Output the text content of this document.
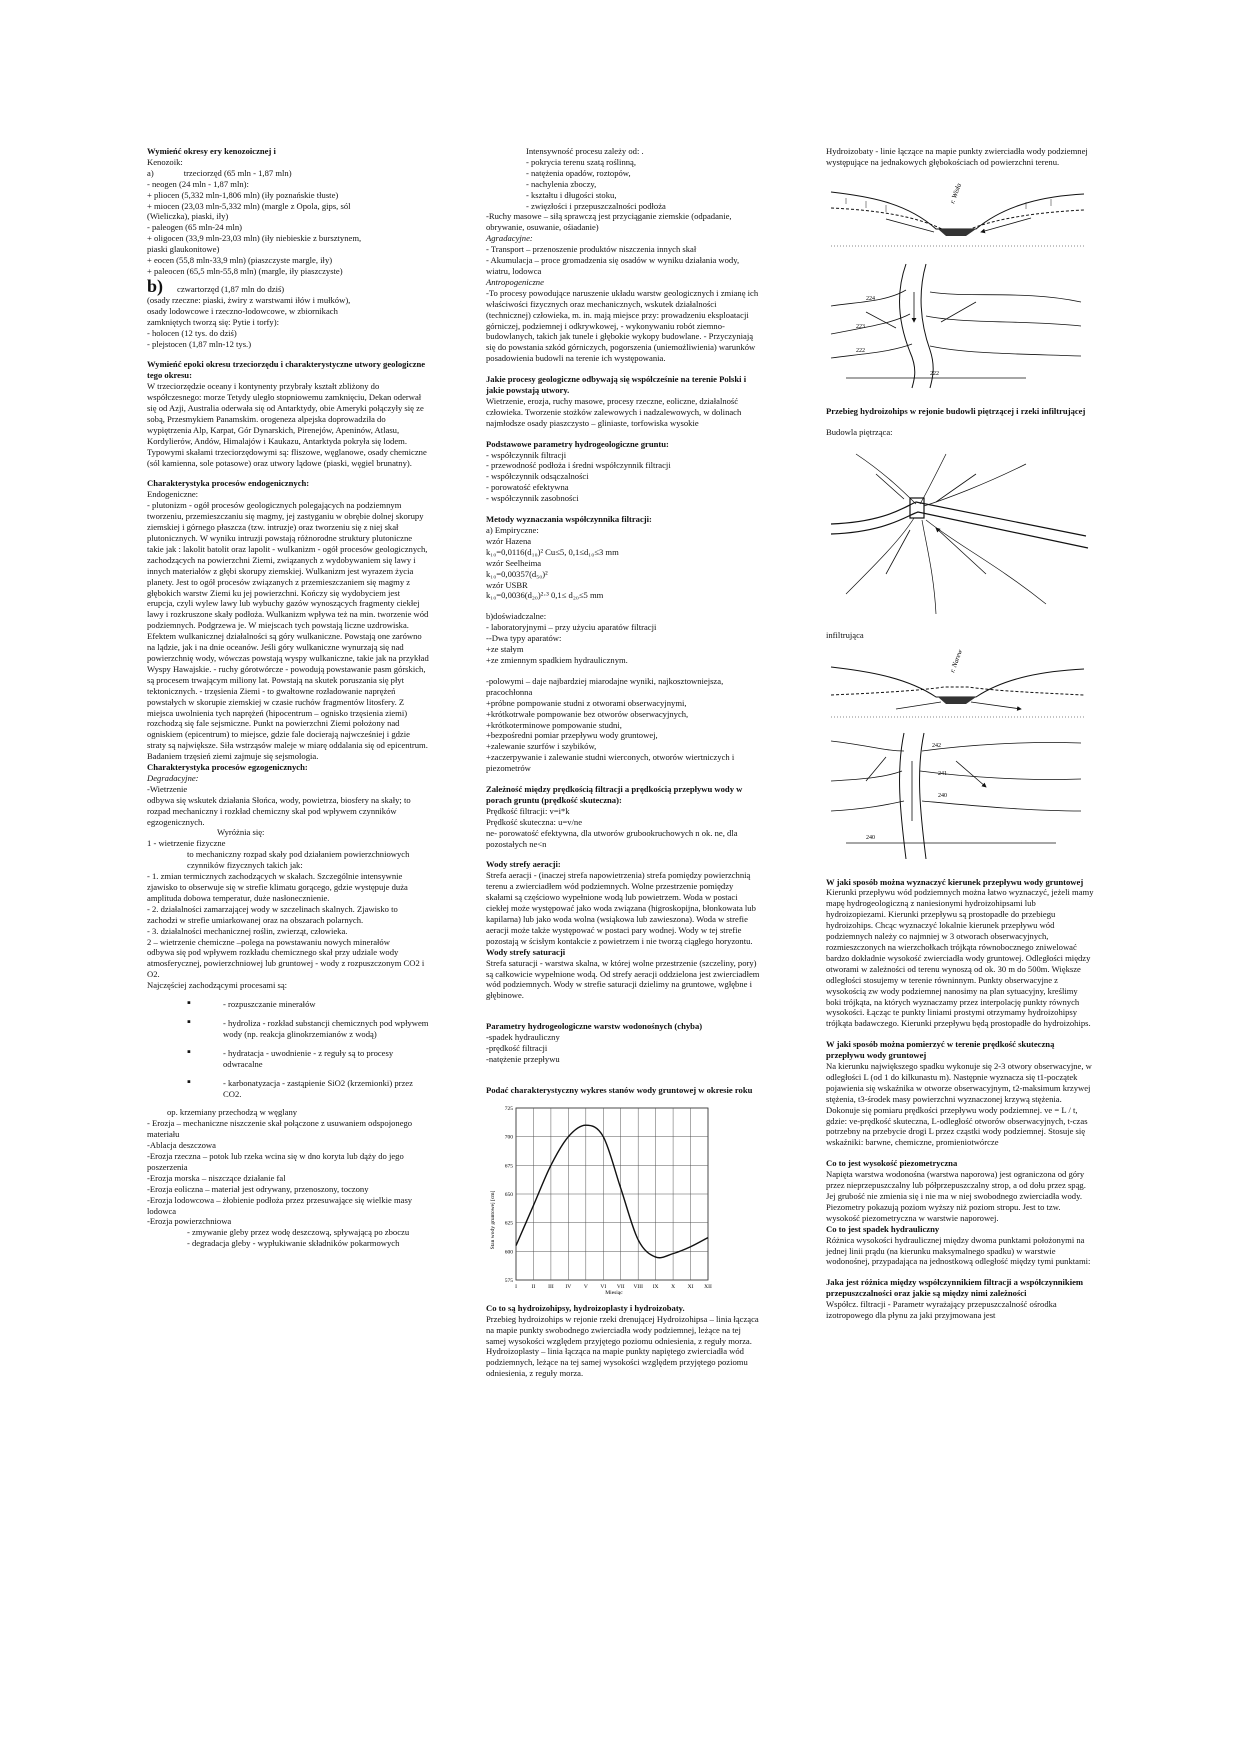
Wymieńć okresy ery kenozoicznej i

Kenozoik:

a)	trzeciorzęd (65 mln - 1,87 mln)

- neogen (24 mln - 1,87 mln):

+ pliocen (5,332 mln-1,806 mln) (iły poznańskie tłuste)

+ miocen (23,03 mln-5,332 mln) (margle z Opola, gips, sól

(Wieliczka), piaski, iły)

- paleogen (65 mln-24 mln)

+ oligocen (33,9 mln-23,03 mln) (iły niebieskie z bursztynem,

piaski glaukonitowe)

+ eocen (55,8 mln-33,9 mln) (piaszczyste margle, iły)

+ paleocen (65,5 mln-55,8 mln) (margle, iły piaszczyste)

b) czwartorzęd (1,87 mln do dziś)

(osady rzeczne: piaski, żwiry z warstwami iłów i mułków),

osady lodowcowe i rzeczno-lodowcowe, w zbiornikach

zamkniętych tworzą się: Pytie i torfy):

- holocen (12 tys. do dziś)

- plejstocen (1,87 mln-12 tys.)

Wymieńć epoki okresu trzeciorzędu i charakterystyczne utwory geologiczne tego okresu:

W trzeciorzędzie oceany i kontynenty przybrały kształt zbliżony do współczesnego: morze Tetydy uległo stopniowemu zamknięciu, Dekan oderwał się od Azji, Australia oderwała się od Antarktydy, obie Ameryki połączyły się ze sobą, Przesmykiem Panamskim. orogeneza alpejska doprowadziła do wypiętrzenia Alp, Karpat, Gór Dynarskich, Pirenejów, Apeninów, Atlasu, Kordylierów, Andów, Himalajów i Kaukazu, Antarktyda pokryła się lodem. Typowymi skałami trzeciorzędowymi są: fliszowe, węglanowe, osady chemiczne (sól kamienna, sole potasowe) oraz utwory lądowe (piaski, węgiel brunatny).

Charakterystyka procesów endogenicznych:

Endogeniczne:

- plutonizm - ogół procesów geologicznych polegających na podziemnym tworzeniu, przemieszczaniu się magmy, jej zastyganiu w obrębie dolnej skorupy ziemskiej i górnego płaszcza (tzw. intruzje) oraz tworzeniu się z niej skał plutonicznych. W wyniku intruzji powstają różnorodne struktury plutoniczne takie jak : lakolit batolit oraz lapolit - wulkanizm - ogół procesów geologicznych, zachodzących na powierzchni Ziemi, związanych z wydobywaniem się lawy i innych materiałów z głębi skorupy ziemskiej. Wulkanizm jest wyrazem życia planety. Jest to ogół procesów związanych z przemieszczaniem się magmy z głębokich warstw Ziemi ku jej powierzchni. Kończy się wydobyciem jest erupcja, czyli wylew lawy lub wybuchy gazów wynoszących fragmenty ciekłej lawy i rozkruszone skały podłoża. Wulkanizm wpływa też na min. tworzenie wód podziemnych. Podgrzewa je. W miejscach tych powstają liczne uzdrowiska. Efektem wulkanicznej działalności są góry wulkaniczne. Powstają one zarówno na lądzie, jak i na dnie oceanów. Jeśli góry wulkaniczne wynurzają się nad powierzchnię wody, wówczas powstają wyspy wulkaniczne, takie jak na przykład Wyspy Hawajskie. - ruchy górotwórcze - powodują powstawanie pasm górskich, są procesem trwającym miliony lat. Powstają na skutek poruszania się płyt tektonicznych. - trzęsienia Ziemi - to gwałtowne rozładowanie naprężeń powstałych w skorupie ziemskiej w czasie ruchów fragmentów litosfery. Z miejsca uwolnienia tych naprężeń (hipocentrum – ognisko trzęsienia ziemi) rozchodzą się fale sejsmiczne. Punkt na powierzchni Ziemi położony nad ogniskiem (epicentrum) to miejsce, gdzie fale docierają najwcześniej i gdzie straty są największe. Siła wstrząsów maleje w miarę oddalania się od epicentrum. Badaniem trzęsień ziemi zajmuje się sejsmologia.

Charakterystyka procesów egzogenicznych:

Degradacyjne:

-Wietrzenie

odbywa się wskutek działania Słońca, wody, powietrza, biosfery na skały; to rozpad mechaniczny i rozkład chemiczny skał pod wpływem czynników egzogenicznych.

Wyróżnia się:

1 - wietrzenie fizyczne

to mechaniczny rozpad skały pod działaniem powierzchniowych czynników fizycznych takich jak:

- 1. zmian termicznych zachodzących w skałach. Szczególnie intensywnie zjawisko to obserwuje się w strefie klimatu gorącego, gdzie występuje duża amplituda dobowa temperatur, duże nasłonecznienie.

- 2. działalności zamarzającej wody w szczelinach skalnych. Zjawisko to zachodzi w strefie umiarkowanej oraz na obszarach polarnych.

- 3. działalności mechanicznej roślin, zwierząt, człowieka.

2 – wietrzenie chemiczne –polega na powstawaniu nowych minerałów

odbywa się pod wpływem rozkładu chemicznego skał przy udziale wody atmosferycznej, powierzchniowej lub gruntowej - wody z rozpuszczonym CO2 i O2.

Najczęściej zachodzącymi procesami są:

▪ - rozpuszczanie minerałów

▪ - hydroliza - rozkład substancji chemicznych pod wpływem wody (np. reakcja glinokrzemianów z wodą)

▪ - hydratacja - uwodnienie - z reguły są to procesy odwracalne

▪ - karbonatyzacja - zastąpienie SiO2 (krzemionki) przez CO2.

op. krzemiany przechodzą w węglany

- Erozja – mechaniczne niszczenie skał połączone z usuwaniem odspojonego materiału

-Ablacja deszczowa

-Erozja rzeczna – potok lub rzeka wcina się w dno koryta lub dąży do jego poszerzenia

-Erozja morska – niszczące działanie fal

-Erozja eoliczna – materiał jest odrywany, przenoszony, toczony

-Erozja lodowcowa – żłobienie podłoża przez przesuwające się wielkie masy lodowca

-Erozja powierzchniowa

- zmywanie gleby przez wodę deszczową, spływającą po zboczu

- degradacja gleby - wypłukiwanie składników pokarmowych

Intensywność procesu zależy od: .

- pokrycia terenu szatą roślinną,

- natężenia opadów, roztopów,

- nachylenia zboczy,

- kształtu i długości stoku,

- zwięzłości i przepuszczalności podłoża

-Ruchy masowe – siłą sprawczą jest przyciąganie ziemskie (odpadanie, obrywanie, osuwanie, ośiadanie)

Agradacyjne:

- Transport – przenoszenie produktów niszczenia innych skał

- Akumulacja – proce gromadzenia się osadów w wyniku działania wody, wiatru, lodowca

Antropogeniczne

-To procesy powodujące naruszenie układu warstw geologicznych i zmianę ich właściwości fizycznych oraz mechanicznych, wskutek działalności (technicznej) człowieka, m. in. mają miejsce przy: prowadzeniu eksploatacji górniczej, podziemnej i odkrywkowej, - wykonywaniu robót ziemno-budowlanych, takich jak tunele i głębokie wykopy budowlane. - Przyczyniają się do powstania szkód górniczych, pogorszenia (uniemożliwienia) warunków posadowienia budowli na terenie ich występowania.

Jakie procesy geologiczne odbywają się współcześnie na terenie Polski i jakie powstają utwory.

Wietrzenie, erozja, ruchy masowe, procesy rzeczne, eoliczne, działalność człowieka. Tworzenie stożków zalewowych i nadzalewowych, w dolinach najmłodsze osady piaszczysto – gliniaste, torfowiska wysokie

Podstawowe parametry hydrogeologiczne gruntu:

- współczynnik filtracji

- przewodność podłoża i średni współczynnik filtracji

- współczynnik odsączalności

- porowatość efektywna

- współczynnik zasobności

Metody wyznaczania współczynnika filtracji:

a) Empiryczne:

wzór Hazena

k₁₀=0,0116(d₁₀)² Cu≤5, 0,1≤d₁₀≤3 mm

wzór Seelheima

k₁₀=0,00357(d₅₀)²

wzór USBR

k₁₀=0,0036(d₂₀)²·³ 0,1≤ d₂₀≤5 mm

b)doświadczalne:

- laboratoryjnymi – przy użyciu aparatów filtracji

--Dwa typy aparatów:

+ze stałym

+ze zmiennym spadkiem hydraulicznym.

-polowymi – daje najbardziej miarodajne wyniki, najkosztowniejsza, pracochłonna

+próbne pompowanie studni z otworami obserwacyjnymi,

+krótkotrwałe pompowanie bez otworów obserwacyjnych,

+krótkoterminowe pompowanie studni,

+bezpośredni pomiar przepływu wody gruntowej,

+zalewanie szurfów i szybików,

+zaczerpywanie i zalewanie studni wierconych, otworów wiertniczych i piezometrów

Zależność między prędkością filtracji a prędkością przepływu wody w porach gruntu (prędkość skuteczna):

Prędkość filtracji: v=i*k

Prędkość skuteczna: u=v/ne

ne- porowatość efektywna, dla utworów grubookruchowych n ok. ne, dla pozostałych ne<n

Wody strefy aeracji:

Strefa aeracji - (inaczej strefa napowietrzenia) strefa pomiędzy powierzchnią terenu a zwierciadłem wód podziemnych. Wolne przestrzenie pomiędzy skałami są częściowo wypełnione wodą lub powietrzem. Woda w postaci ciekłej może występować jako woda związana (higroskopijna, błonkowata lub kapilarna) lub jako woda wolna (wsiąkowa lub zawieszona). Woda w strefie aeracji może także występować w postaci pary wodnej. Wody w tej strefie pozostają w ścisłym kontakcie z powietrzem i nie tworzą ciągłego horyzontu.

Wody strefy saturacji

Strefa saturacji - warstwa skalna, w której wolne przestrzenie (szczeliny, pory) są całkowicie wypełnione wodą. Od strefy aeracji oddzielona jest zwierciadłem wód podziemnych. Wody w strefie saturacji dzielimy na gruntowe, wgłębne i głębinowe.

Parametry hydrogeologiczne warstw wodonośnych (chyba)

-spadek hydrauliczny

-prędkość filtracji

-natężenie przepływu

Podać charakterystyczny wykres stanów wody gruntowej w okresie roku

575
600
625
650
675
700
725
I	II III IV V VI VII VIII IX X XI XII
Stan wody gruntowej [cm]
Miesiąc

Co to są hydroizohipsy, hydroizoplasty i hydroizobaty.

Przebieg hydroizohips w rejonie rzeki drenującej Hydroizohipsa – linia łącząca na mapie punkty swobodnego zwierciadła wody podziemnej, leżące na tej samej wysokości względem przyjętego poziomu odniesienia, z reguły morza. Hydroizoplasty – linia łącząca na mapie punkty napiętego zwierciadła wód podziemnych, leżące na tej samej wysokości względem przyjętego poziomu odniesienia, z reguły morza.

Hydroizobaty - linie łączące na mapie punkty zwierciadła wody podziemnej występujące na jednakowych głębokościach od powierzchni terenu.

r. Wisła
224
223
222
222

Przebieg hydroizohips w rejonie budowli piętrzącej i rzeki infiltrującej

Budowla piętrząca:

infiltrująca

r. Narew
242
241
240
240

W jaki sposób można wyznaczyć kierunek przepływu wody gruntowej

Kierunki przepływu wód podziemnych można łatwo wyznaczyć, jeżeli mamy mapę hydrogeologiczną z naniesionymi hydroizohipsami lub hydroizopiezami. Kierunki przepływu są prostopadłe do przebiegu hydroizohips. Chcąc wyznaczyć lokalnie kierunek przepływu wód podziemnych należy co najmniej w 3 otworach obserwacyjnych, rozmieszczonych na wierzchołkach trójkąta równobocznego zniwelować bardzo dokładnie wysokość zwierciadła wody gruntowej. Odległości między otworami w zależności od terenu wynoszą od ok. 30 m do 500m. Większe odległości stosujemy w terenie równinnym. Punkty obserwacyjne z wysokością zw wody podziemnej nanosimy na plan sytuacyjny, kreślimy boki trójkąta, na których wyznaczamy przez interpolację punkty równych wysokości. Łącząc te punkty liniami prostymi otrzymamy hydroizohipsy trójkąta badawczego. Kierunki przepływu będą prostopadłe do hydroizohips.

W jaki sposób można pomierzyć w terenie prędkość skuteczną przepływu wody gruntowej

Na kierunku największego spadku wykonuje się 2-3 otwory obserwacyjne, w odległości L (od 1 do kilkunastu m). Następnie wyznacza się t1-początek pojawienia się wskaźnika w otworze obserwacyjnym, t2-maksimum krzywej stężenia, t3-środek masy powierzchni wyznaczonej krzywą stężenia. Dokonuje się pomiaru prędkości przepływu wody podziemnej. ve = L / t, gdzie: ve-prędkość skuteczna, L-odległość otworów obserwacyjnych, t-czas potrzebny na przebycie drogi L przez cząstki wody podziemnej. Stosuje się wskaźniki: barwne, chemiczne, promieniotwórcze

Co to jest wysokość piezometryczna

Napięta warstwa wodonośna (warstwa naporowa) jest ograniczona od góry przez nieprzepuszczalny lub półprzepuszczalny strop, a od dołu przez spąg. Jej grubość nie zmienia się i nie ma w niej swobodnego zwierciadła wody. Piezometry pokazują poziom wyższy niż poziom stropu. Jest to tzw. wysokość piezometryczna w warstwie naporowej.

Co to jest spadek hydrauliczny

Różnica wysokości hydraulicznej między dwoma punktami położonymi na jednej linii prądu (na kierunku maksymalnego spadku) w warstwie wodonośnej, przypadająca na jednostkową odległość między tymi punktami:

Jaka jest różnica między współczynnikiem filtracji a współczynnikiem przepuszczalności oraz jakie są między nimi zależności

Współcz. filtracji - Parametr wyrażający przepuszczalność ośrodka izotropowego dla płynu za jaki przyjmowana jest
